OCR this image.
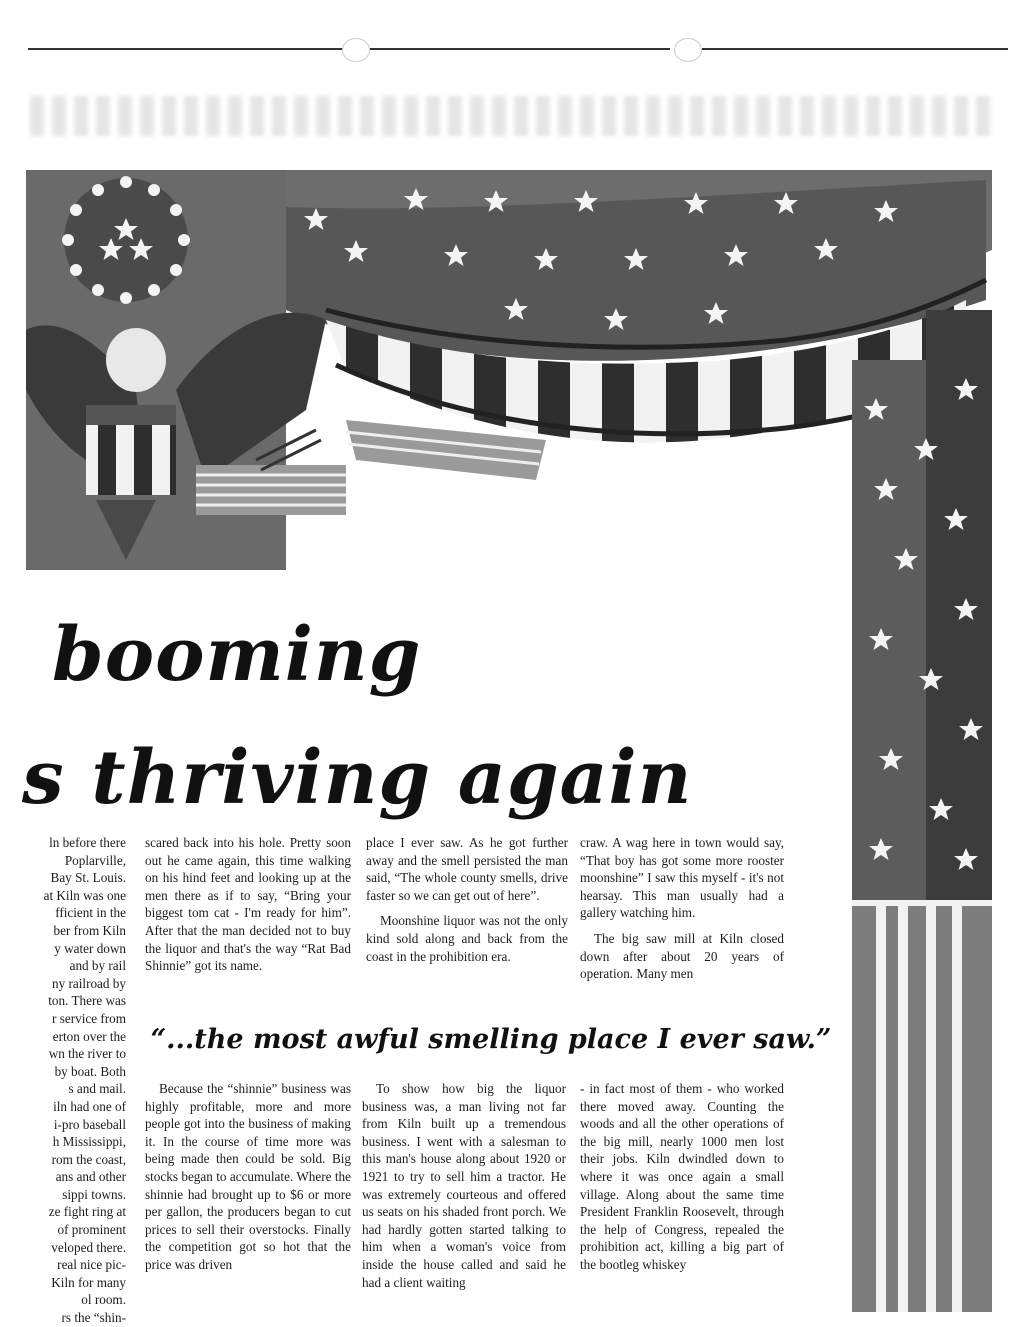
booming
s thriving again
ln before there
Poplarville,
Bay St. Louis.
at Kiln was one
fficient in the
ber from Kiln
y water down
and by rail
ny railroad by
ton. There was
r service from
erton over the
wn the river to
by boat. Both
s and mail.
iln had one of
i-pro baseball
h Mississippi,
rom the coast,
ans and other
sippi towns.
ze fight ring at
of prominent
veloped there.
real nice pic-
Kiln for many
ol room.
rs the “shin-

scared back into his hole. Pretty soon out he came again, this time walking on his hind feet and looking up at the men there as if to say, “Bring your biggest tom cat - I'm ready for him”. After that the man decided not to buy the liquor and that's the way “Rat Bad Shinnie” got its name.

Because the “shinnie” business was highly profitable, more and more people got into the business of making it. In the course of time more was being made then could be sold. Big stocks began to accumulate. Where the shinnie had brought up to $6 or more per gallon, the producers began to cut prices to sell their overstocks. Finally the competition got so hot that the price was driven

place I ever saw. As he got further away and the smell persisted the man said, “The whole county smells, drive faster so we can get out of here”.

Moonshine liquor was not the only kind sold along and back from the coast in the prohibition era.

To show how big the liquor business was, a man living not far from Kiln built up a tremendous business. I went with a salesman to this man's house along about 1920 or 1921 to try to sell him a tractor. He was extremely courteous and offered us seats on his shaded front porch. We had hardly gotten started talking to him when a woman's voice from inside the house called and said he had a client waiting

craw. A wag here in town would say, “That boy has got some more rooster moonshine” I saw this myself - it's not hearsay. This man usually had a gallery watching him.

The big saw mill at Kiln closed down after about 20 years of operation. Many men

- in fact most of them - who worked there moved away. Counting the woods and all the other operations of the big mill, nearly 1000 men lost their jobs. Kiln dwindled down to where it was once again a small village. Along about the same time President Franklin Roosevelt, through the help of Congress, repealed the prohibition act, killing a big part of the bootleg whiskey

“...the most awful smelling place I ever saw.”
